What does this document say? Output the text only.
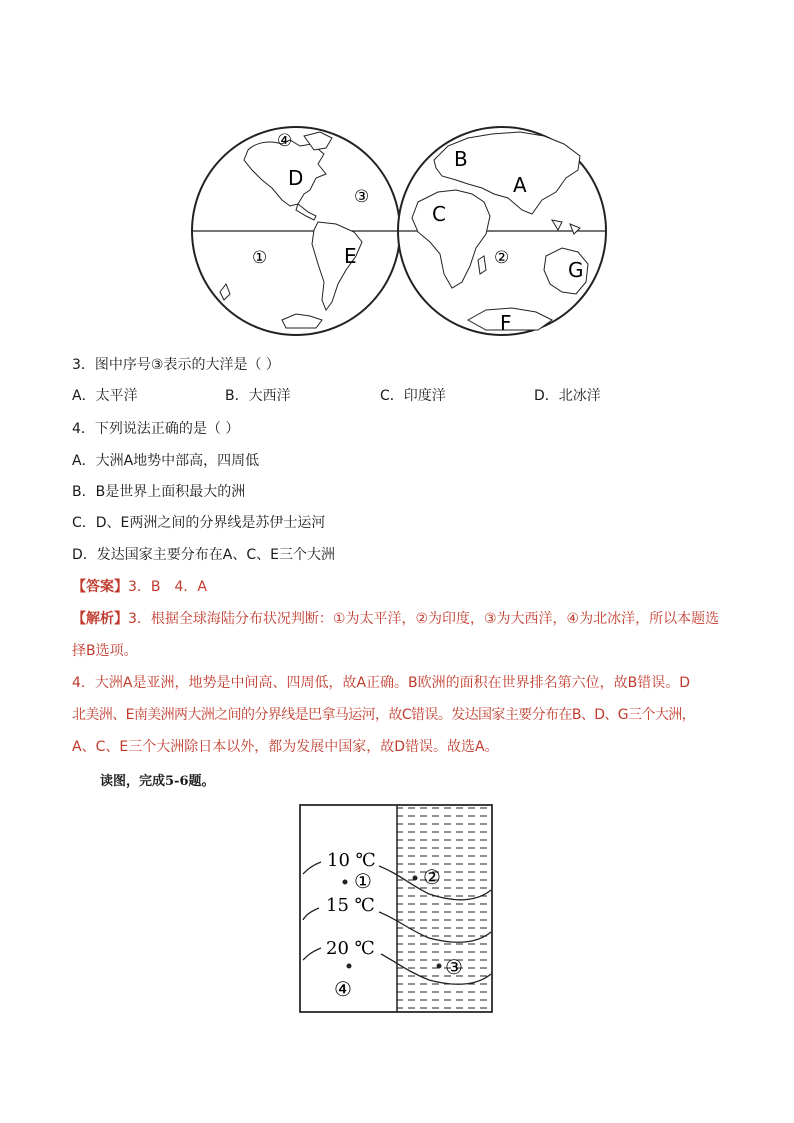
④
D
③
①	E
B
A
C
②	G
F
3．图中序号③表示的大洋是（ ）
A．太平洋	B．大西洋	C．印度洋	D．北冰洋
4．下列说法正确的是（ ）
A．大洲A地势中部高，四周低
B．B是世界上面积最大的洲
C．D、E两洲之间的分界线是苏伊士运河
D．发达国家主要分布在A、C、E三个大洲
【答案】3．B　4．A
【解析】3．根据全球海陆分布状况判断：①为太平洋，②为印度，③为大西洋，④为北冰洋，所以本题选
择B选项。
4．大洲A是亚洲，地势是中间高、四周低，故A正确。B欧洲的面积在世界排名第六位，故B错误。D
北美洲、E南美洲两大洲之间的分界线是巴拿马运河，故C错误。发达国家主要分布在B、D、G三个大洲，
A、C、E三个大洲除日本以外，都为发展中国家，故D错误。故选A。
读图，完成5-6题。
10 ℃
15 ℃
20 ℃
①	②
③
④
